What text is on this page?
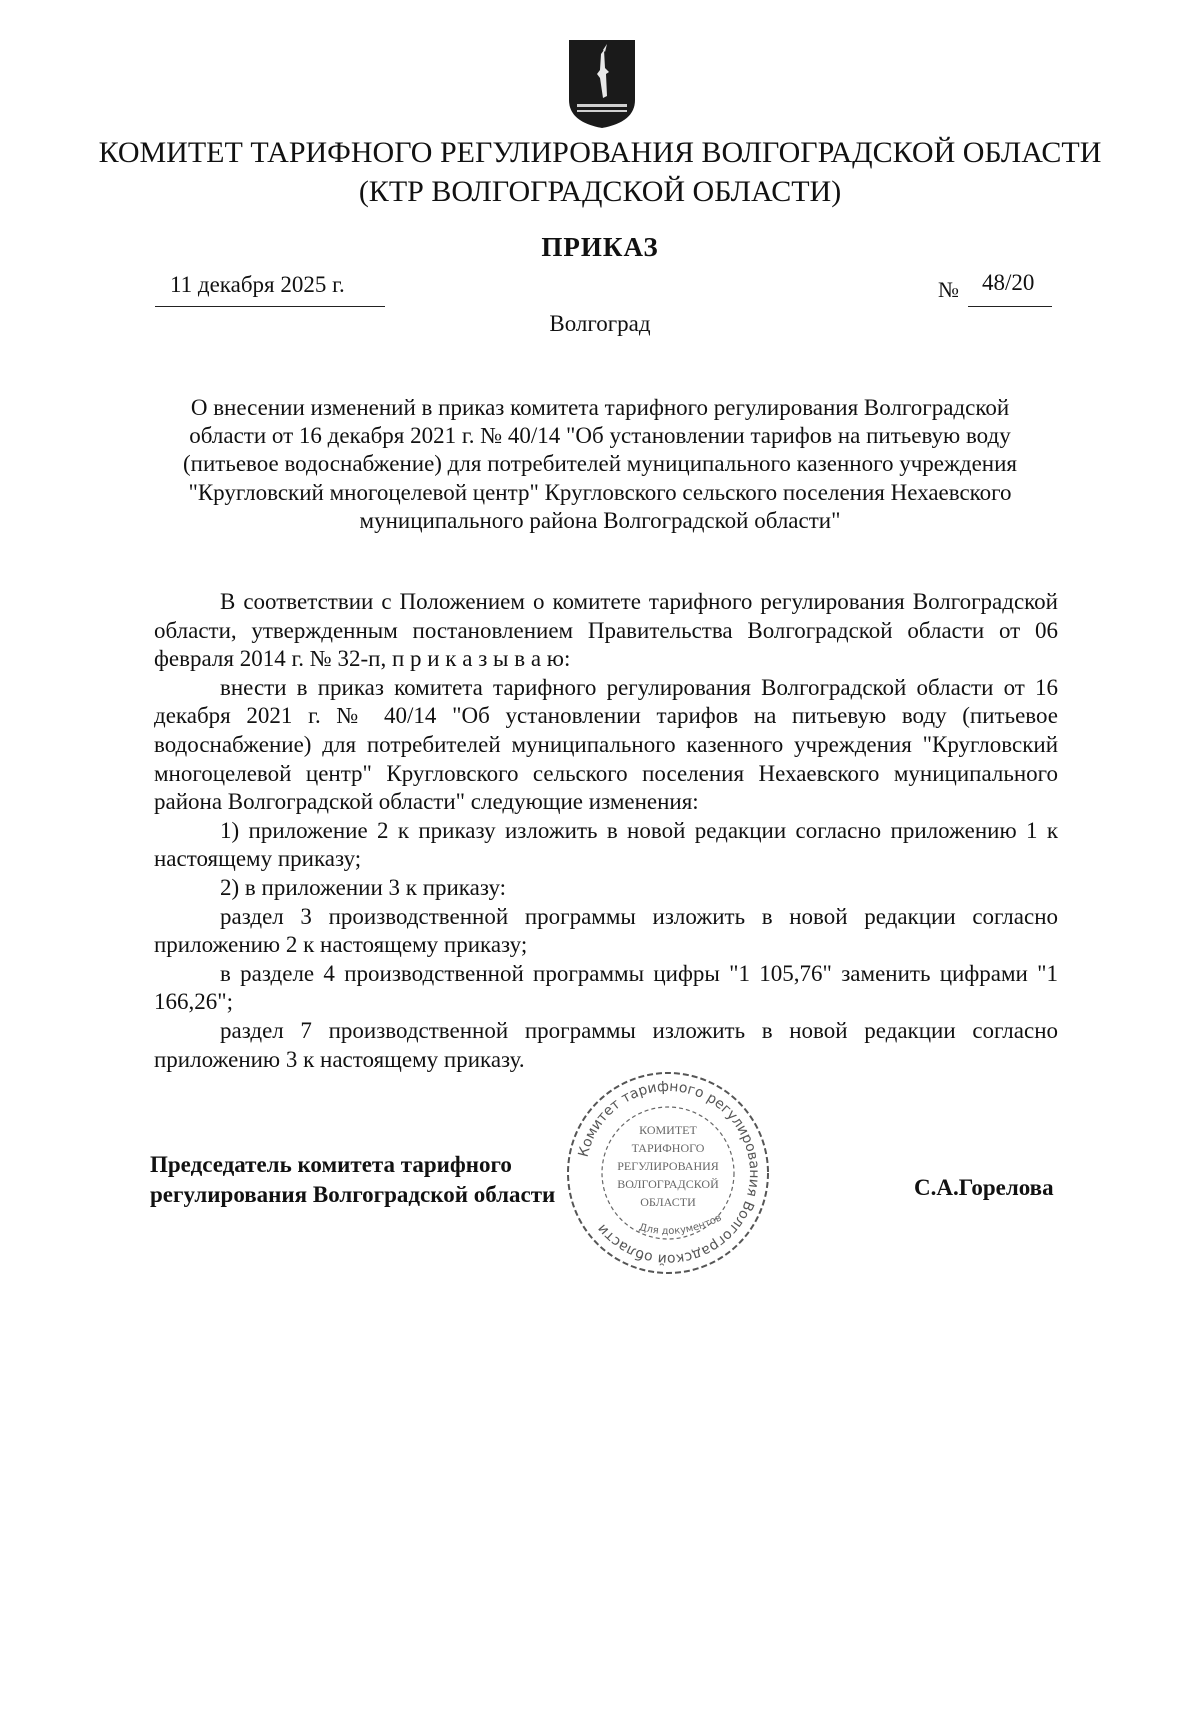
КОМИТЕТ ТАРИФНОГО РЕГУЛИРОВАНИЯ ВОЛГОГРАДСКОЙ ОБЛАСТИ
(КТР ВОЛГОГРАДСКОЙ ОБЛАСТИ)
ПРИКАЗ
11 декабря 2025 г.	№ 48/20
Волгоград
О внесении изменений в приказ комитета тарифного регулирования Волгоградской области от 16 декабря 2021 г. № 40/14 "Об установлении тарифов на питьевую воду (питьевое водоснабжение) для потребителей муниципального казенного учреждения "Кругловский многоцелевой центр" Кругловского сельского поселения Нехаевского муниципального района Волгоградской области"

В соответствии с Положением о комитете тарифного регулирования Волгоградской области, утвержденным постановлением Правительства Волгоградской области от 06 февраля 2014 г. № 32-п, п р и к а з ы в а ю:

внести в приказ комитета тарифного регулирования Волгоградской области от 16 декабря 2021 г. № 40/14 "Об установлении тарифов на питьевую воду (питьевое водоснабжение) для потребителей муниципального казенного учреждения "Кругловский многоцелевой центр" Кругловского сельского поселения Нехаевского муниципального района Волгоградской области" следующие изменения:

1) приложение 2 к приказу изложить в новой редакции согласно приложению 1 к настоящему приказу;

2) в приложении 3 к приказу:

раздел 3 производственной программы изложить в новой редакции согласно приложению 2 к настоящему приказу;

в разделе 4 производственной программы цифры "1 105,76" заменить цифрами "1 166,26";

раздел 7 производственной программы изложить в новой редакции согласно приложению 3 к настоящему приказу.

Председатель комитета тарифного
регулирования Волгоградской области	С.А.Горелова
Комитет тарифного регулирования Волгоградской области
КОМИТЕТ
ТАРИФНОГО
РЕГУЛИРОВАНИЯ
ВОЛГОГРАДСКОЙ
ОБЛАСТИ
Для документов
